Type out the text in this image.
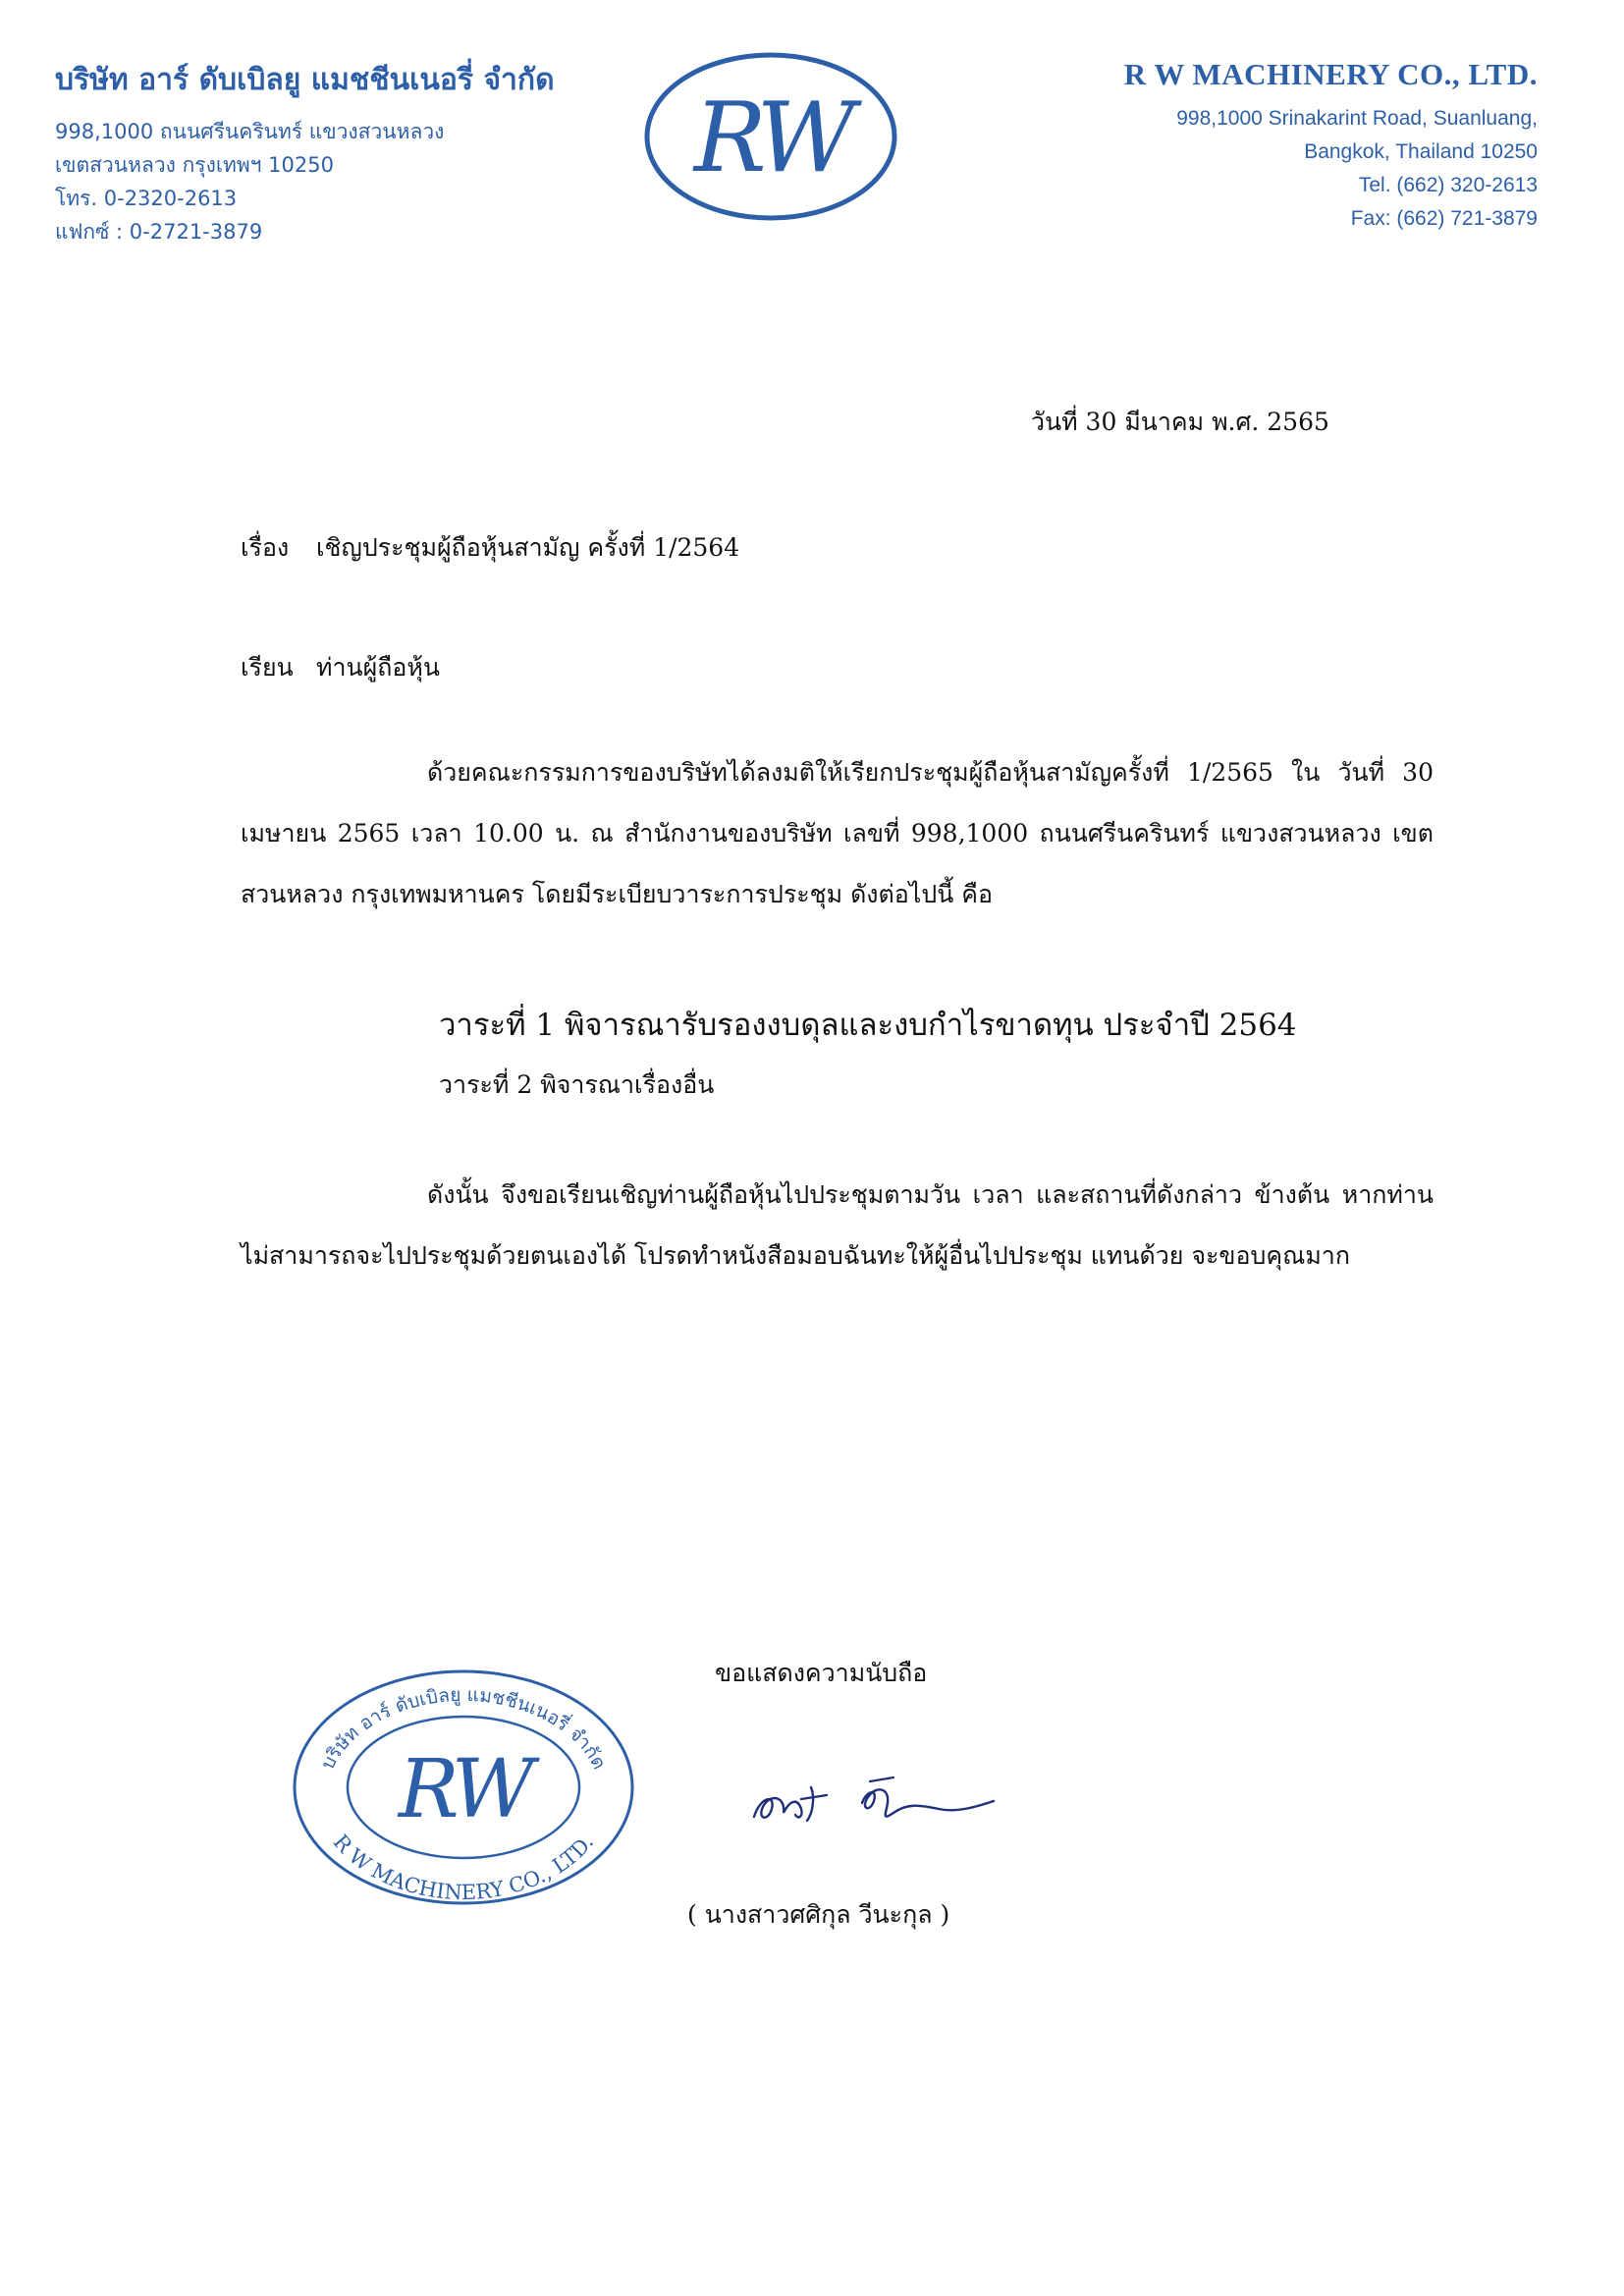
บริษัท อาร์ ดับเบิลยู แมชชีนเนอรี่ จำกัด
998,1000 ถนนศรีนครินทร์ แขวงสวนหลวง
เขตสวนหลวง กรุงเทพฯ 10250
โทร. 0-2320-2613
แฟกซ์ : 0-2721-3879
RW
R W MACHINERY CO., LTD.
998,1000 Srinakarint Road, Suanluang,
Bangkok, Thailand 10250
Tel. (662) 320-2613
Fax: (662) 721-3879
วันที่ 30 มีนาคม พ.ศ. 2565
เรื่อง เชิญประชุมผู้ถือหุ้นสามัญ ครั้งที่ 1/2564
เรียน ท่านผู้ถือหุ้น

ด้วยคณะกรรมการของบริษัทได้ลงมติให้เรียกประชุมผู้ถือหุ้นสามัญครั้งที่ 1/2565 ใน วันที่ 30 เมษายน 2565 เวลา 10.00 น. ณ สำนักงานของบริษัท เลขที่ 998,1000 ถนนศรีนครินทร์ แขวงสวนหลวง เขตสวนหลวง กรุงเทพมหานคร โดยมีระเบียบวาระการประชุม ดังต่อไปนี้ คือ

วาระที่ 1 พิจารณารับรองงบดุลและงบกำไรขาดทุน ประจำปี 2564
วาระที่ 2 พิจารณาเรื่องอื่น

ดังนั้น จึงขอเรียนเชิญท่านผู้ถือหุ้นไปประชุมตามวัน เวลา และสถานที่ดังกล่าว ข้างต้น หากท่านไม่สามารถจะไปประชุมด้วยตนเองได้ โปรดทำหนังสือมอบฉันทะให้ผู้อื่นไปประชุม แทนด้วย จะขอบคุณมาก

ขอแสดงความนับถือ
บริษัท อาร์ ดับเบิลยู แมชชีนเนอรี่ จำกัด
R W MACHINERY CO., LTD.
RW
( นางสาวศศิกุล วีนะกุล )
